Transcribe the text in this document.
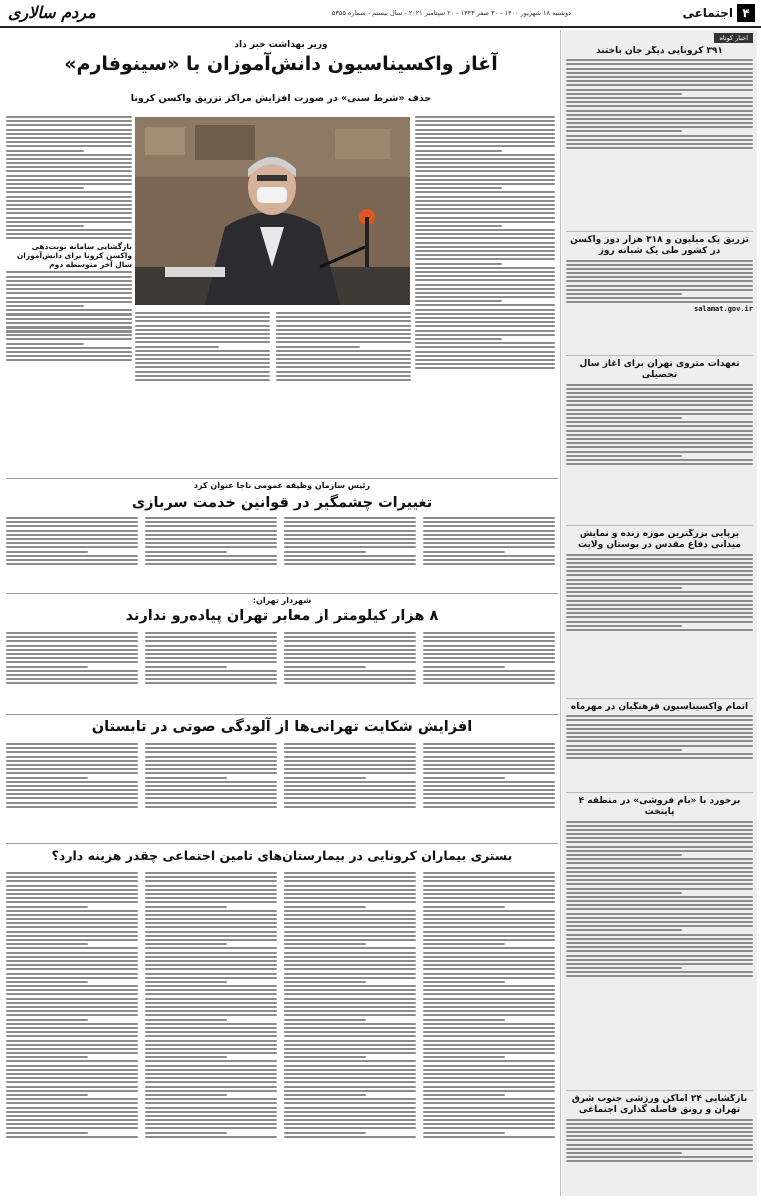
۴
اجتماعی
دوشنبه ۱۸ شهریور ۱۴۰۰ - ۳۰ صفر ۱۴۴۳ - ۲۰ سپتامبر ۲۰۲۱ - سال بیستم - شماره ۵۳۵۵
مردم سالاری
اخبار کوتاه
۳۹۱ کرونایی دیگر جان باختند
تزریق یک میلیون و ۳۱۸ هزار دوز واکسن در کشور طی یک شبانه روز
salamat.gov.ir
تعهدات متروی تهران برای آغاز سال تحصیلی
برپایی بزرگترین موزه زنده و نمایش میدانی دفاع مقدس در بوستان ولایت
اتمام واکسیناسیون فرهنگیان در مهرماه
برخورد با «بام فروشی» در منطقه ۴ پایتخت
بازگشایی ۲۴ اماکن ورزشی جنوب شرق تهران و رونق فاصله گذاری اجتماعی
وزیر بهداشت خبر داد
آغاز واکسیناسیون دانش‌آموزان با «سینوفارم»
حذف «شرط سنی» در صورت افزایش مراکز تزریق واکسن کرونا
بازگشایی سامانه نوبت‌دهی واکسن کرونا برای دانش‌آموزان سال آخر متوسطه دوم
رئیس سازمان وظیفه عمومی ناجا عنوان کرد
تغییرات چشمگیر در قوانین خدمت سربازی
شهردار تهران:
۸ هزار کیلومتر از معابر تهران پیاده‌رو ندارند
افزایش شکایت تهرانی‌ها از آلودگی صوتی در تابستان
بستری بیماران کرونایی در بیمارستان‌های تامین اجتماعی چقدر هزینه دارد؟
